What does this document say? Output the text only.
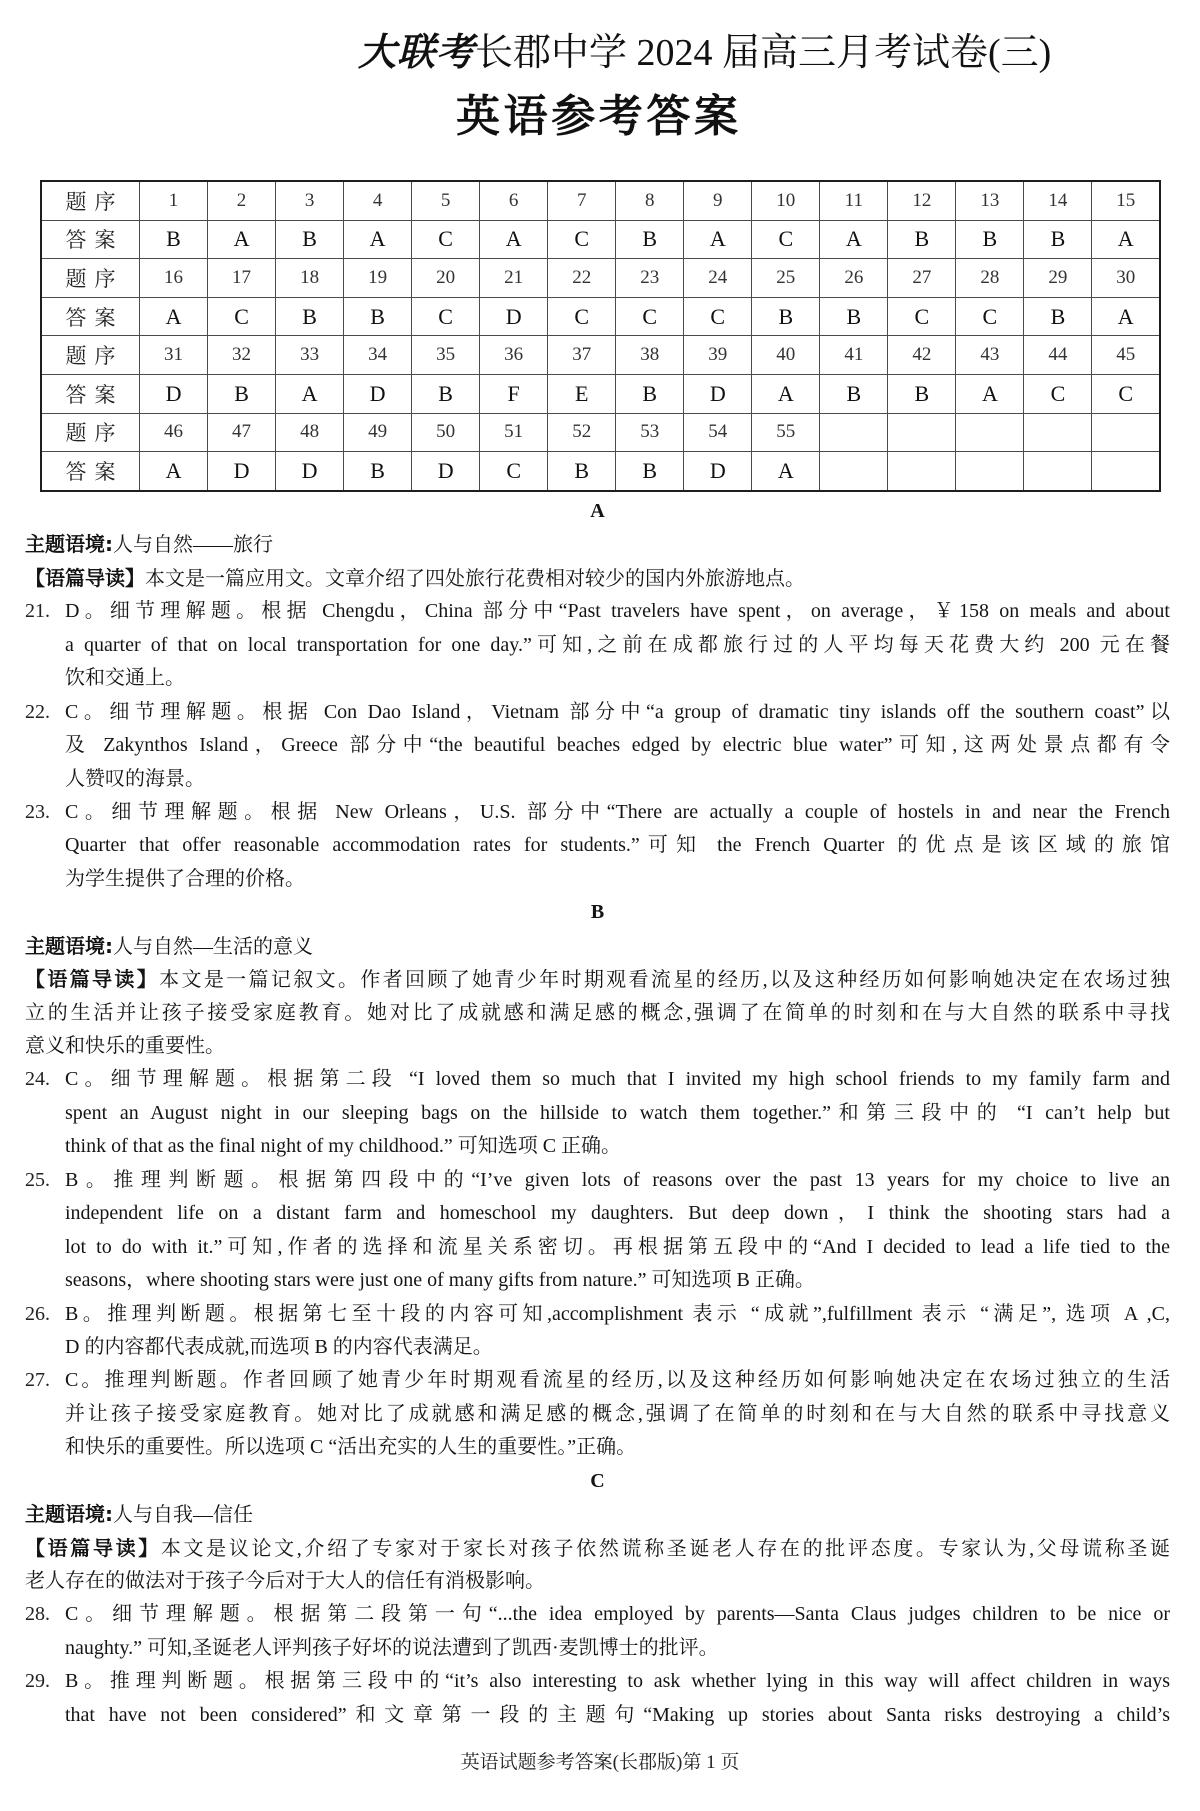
大联考长郡中学 2024 届高三月考试卷(三)
英语参考答案
题序	1	2	3	4	5	6	7	8	9	10	11	12	13	14	15
答案	B	A	B	A	C	A	C	B	A	C	A	B	B	B	A
题序	16	17	18	19	20	21	22	23	24	25	26	27	28	29	30
答案	A	C	B	B	C	D	C	C	C	B	B	C	C	B	A
题序	31	32	33	34	35	36	37	38	39	40	41	42	43	44	45
答案	D	B	A	D	B	F	E	B	D	A	B	B	A	C	C
题序	46	47	48	49	50	51	52	53	54	55					
答案	A	D	D	B	D	C	B	B	D	A					
A
主题语境:人与自然——旅行
【语篇导读】本文是一篇应用文。文章介绍了四处旅行花费相对较少的国内外旅游地点。
21. D。细节理解题。根据 Chengdu，China 部分中“Past travelers have spent，on average，￥158 on meals and about
a quarter of that on local transportation for one day.”可知,之前在成都旅行过的人平均每天花费大约 200 元在餐
饮和交通上。
22. C。细节理解题。根据 Con Dao Island，Vietnam 部分中“a group of dramatic tiny islands off the southern coast”以
及 Zakynthos Island，Greece 部分中“the beautiful beaches edged by electric blue water”可知,这两处景点都有令
人赞叹的海景。
23. C。细节理解题。根据 New Orleans，U.S. 部分中“There are actually a couple of hostels in and near the French
Quarter that offer reasonable accommodation rates for students.”可知 the French Quarter 的优点是该区域的旅馆
为学生提供了合理的价格。
B
主题语境:人与自然—生活的意义
【语篇导读】本文是一篇记叙文。作者回顾了她青少年时期观看流星的经历,以及这种经历如何影响她决定在农场过独
立的生活并让孩子接受家庭教育。她对比了成就感和满足感的概念,强调了在简单的时刻和在与大自然的联系中寻找
意义和快乐的重要性。
24. C。细节理解题。根据第二段 “I loved them so much that I invited my high school friends to my family farm and
spent an August night in our sleeping bags on the hillside to watch them together.”和第三段中的 “I can’t help but
think of that as the final night of my childhood.” 可知选项 C 正确。
25. B。推理判断题。根据第四段中的“I’ve given lots of reasons over the past 13 years for my choice to live an
independent life on a distant farm and homeschool my daughters. But deep down，I think the shooting stars had a
lot to do with it.”可知,作者的选择和流星关系密切。再根据第五段中的“And I decided to lead a life tied to the
seasons，where shooting stars were just one of many gifts from nature.” 可知选项 B 正确。
26. B。推理判断题。根据第七至十段的内容可知,accomplishment 表示 “成就”,fulfillment 表示 “满足”, 选项 A ,C,
D 的内容都代表成就,而选项 B 的内容代表满足。
27. C。推理判断题。作者回顾了她青少年时期观看流星的经历,以及这种经历如何影响她决定在农场过独立的生活
并让孩子接受家庭教育。她对比了成就感和满足感的概念,强调了在简单的时刻和在与大自然的联系中寻找意义
和快乐的重要性。所以选项 C “活出充实的人生的重要性。”正确。
C
主题语境:人与自我—信任
【语篇导读】本文是议论文,介绍了专家对于家长对孩子依然谎称圣诞老人存在的批评态度。专家认为,父母谎称圣诞
老人存在的做法对于孩子今后对于大人的信任有消极影响。
28. C。细节理解题。根据第二段第一句“...the idea employed by parents—Santa Claus judges children to be nice or
naughty.” 可知,圣诞老人评判孩子好坏的说法遭到了凯西·麦凯博士的批评。
29. B。推理判断题。根据第三段中的“it’s also interesting to ask whether lying in this way will affect children in ways
that have not been considered”和文章第一段的主题句“Making up stories about Santa risks destroying a child’s
英语试题参考答案(长郡版)第 1 页
